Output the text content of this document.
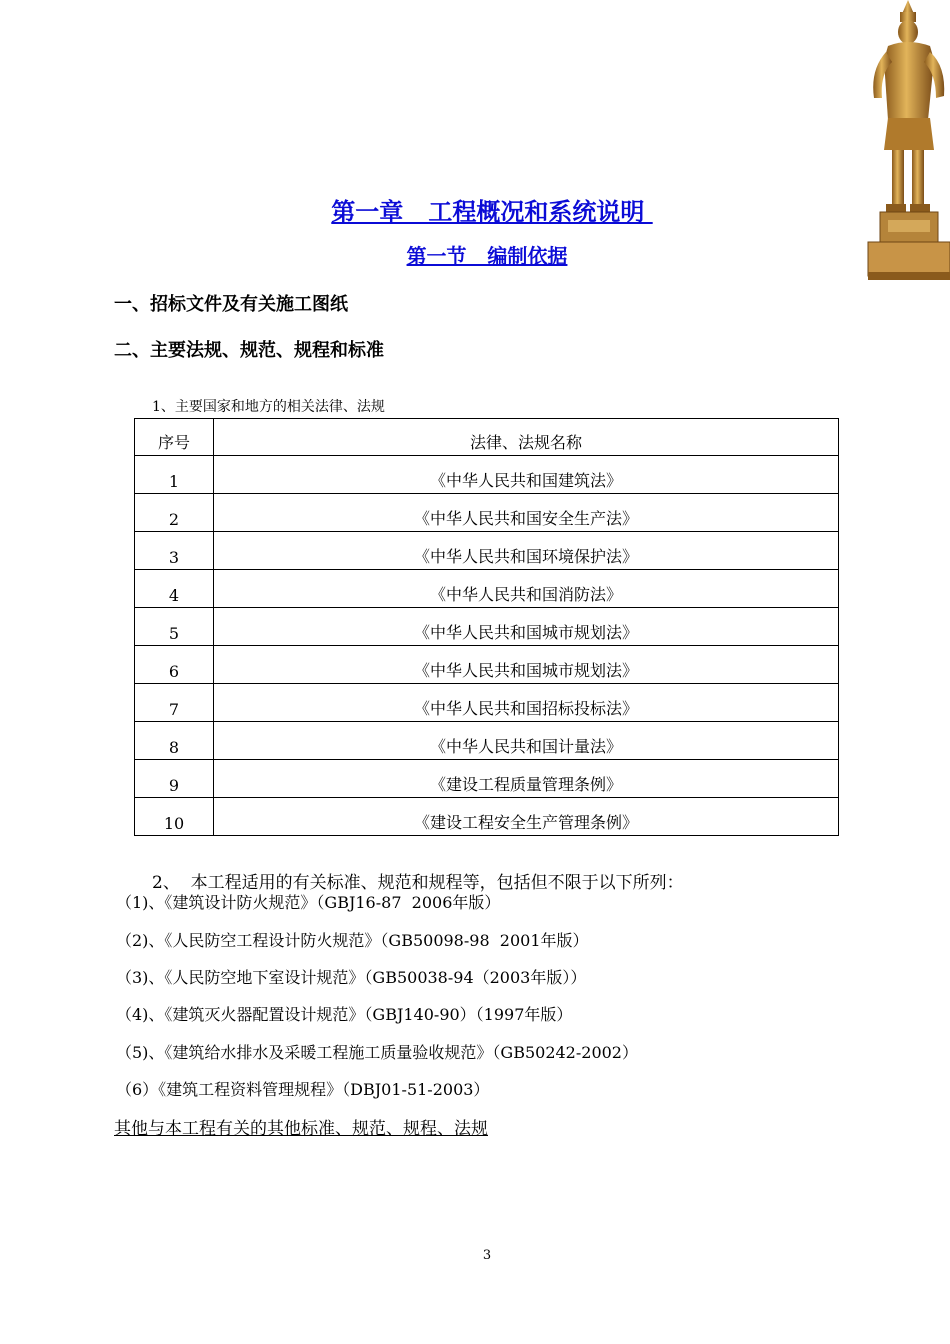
第一章   工程概况和系统说明
第一节   编制依据
一、招标文件及有关施工图纸
二、主要法规、规范、规程和标准
1、主要国家和地方的相关法律、法规
序号	法律、法规名称
1	《中华人民共和国建筑法》
2	《中华人民共和国安全生产法》
3	《中华人民共和国环境保护法》
4	《中华人民共和国消防法》
5	《中华人民共和国城市规划法》
6	《中华人民共和国城市规划法》
7	《中华人民共和国招标投标法》
8	《中华人民共和国计量法》
9	《建设工程质量管理条例》
10	《建设工程安全生产管理条例》
2、  本工程适用的有关标准、规范和规程等，包括但不限于以下所列：
（1)、《建筑设计防火规范》（GBJ16-87  2006年版）
（2)、《人民防空工程设计防火规范》（GB50098-98  2001年版）
（3)、《人民防空地下室设计规范》（GB50038-94（2003年版））
（4)、《建筑灭火器配置设计规范》（GBJ140-90）（1997年版）
（5)、《建筑给水排水及采暖工程施工质量验收规范》（GB50242-2002）
（6）《建筑工程资料管理规程》（DBJ01-51-2003）
其他与本工程有关的其他标准、规范、规程、法规
3
